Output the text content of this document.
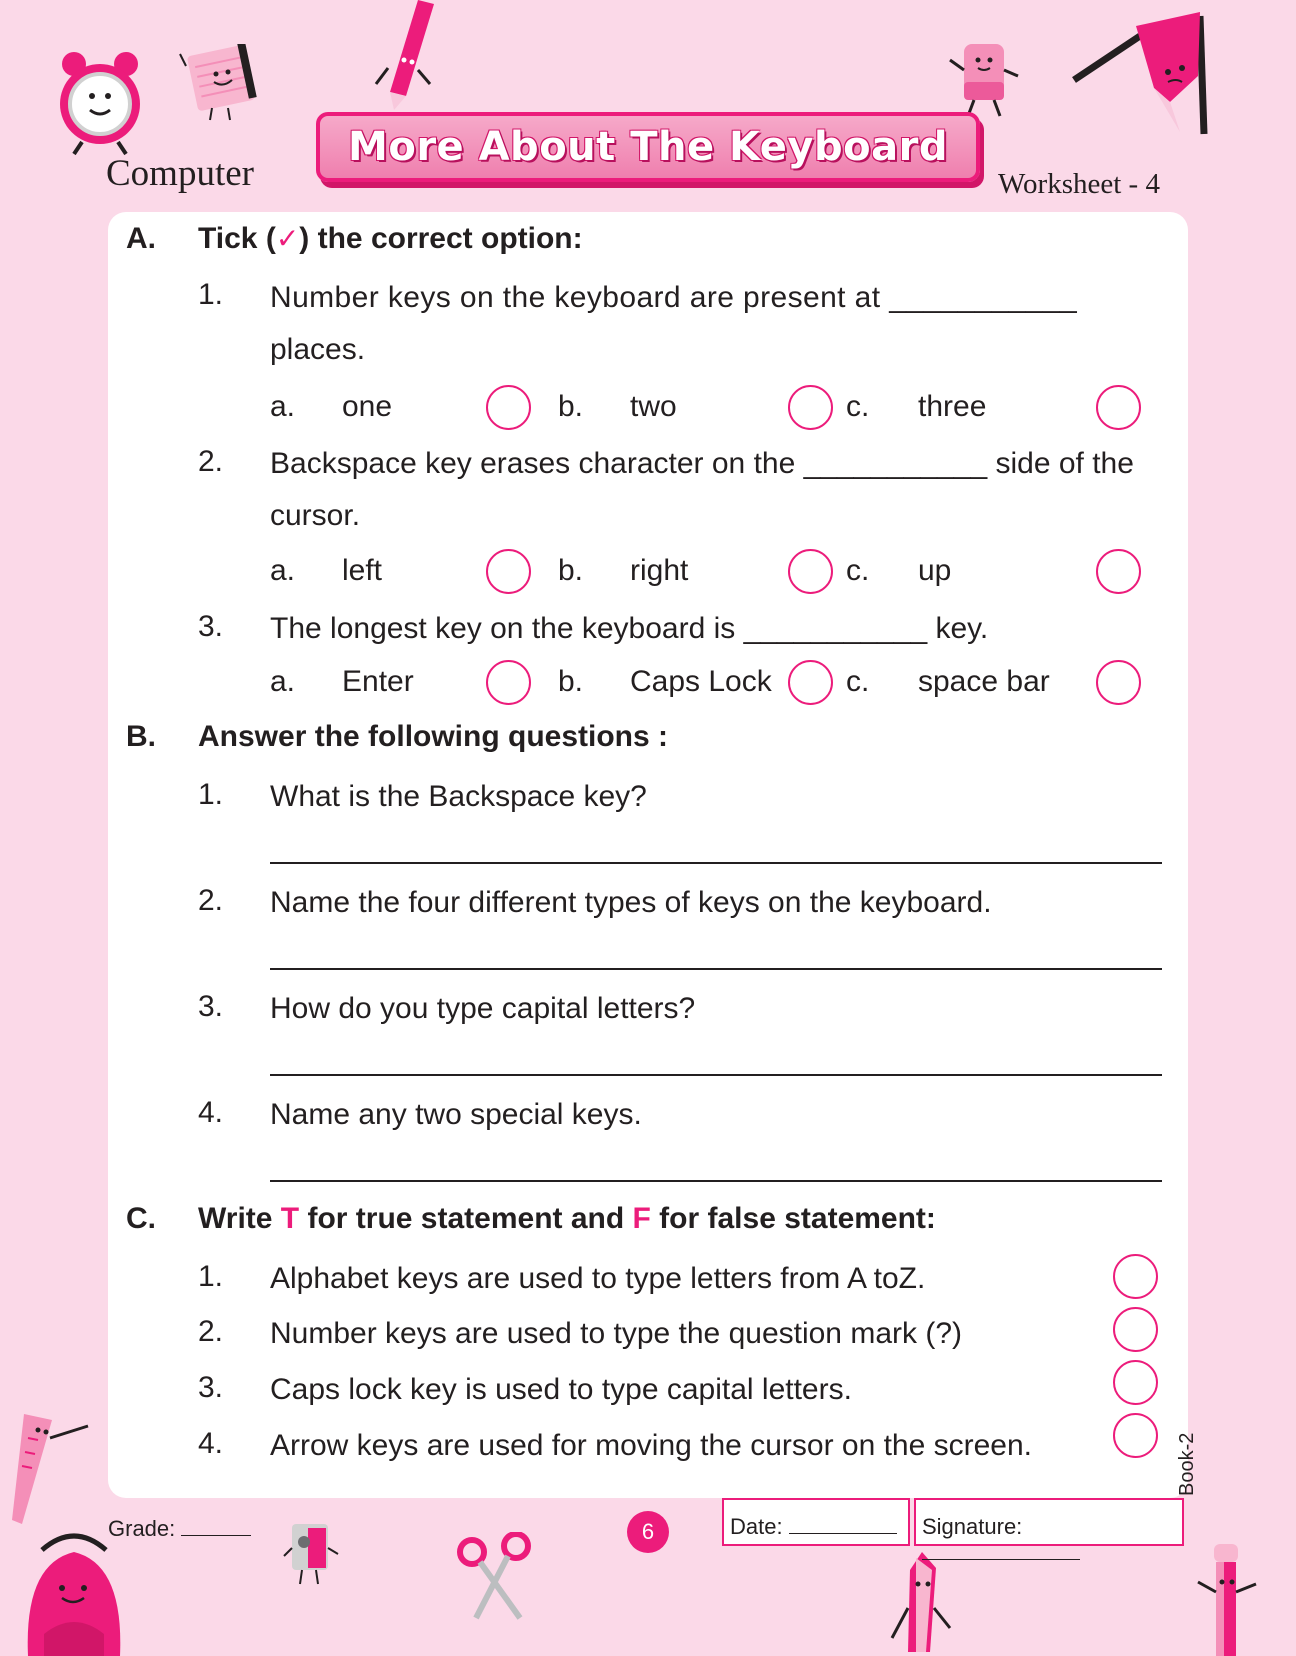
Computer
More About The Keyboard
Worksheet - 4
A. Tick (✓) the correct option:
1. Number keys on the keyboard are present at ___________
places.
a. one	b. two	c. three
2. Backspace key erases character on the ___________ side of the
cursor.
a. left	b. right	c. up
3. The longest key on the keyboard is ___________ key.
a. Enter	b. Caps Lock c. space bar
B. Answer the following questions :
1. What is the Backspace key?
2. Name the four different types of keys on the keyboard.
3. How do you type capital letters?
4. Name any two special keys.
C. Write T for true statement and F for false statement:
1. Alphabet keys are used to type letters from A toZ.
2. Number keys are used to type the question mark (?)
3. Caps lock key is used to type capital letters.
4. Arrow keys are used for moving the cursor on the screen.	Book-2
Grade:	6	Date:	Signature:
